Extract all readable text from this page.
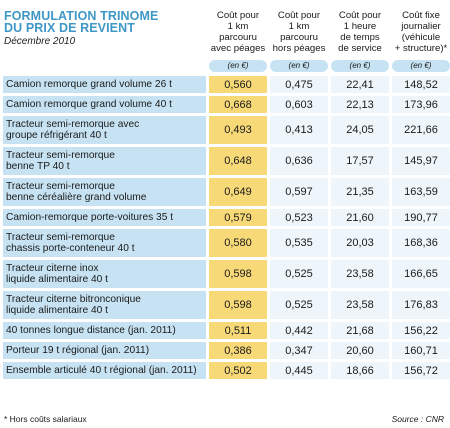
FORMULATION TRINOME
DU PRIX DE REVIENT
Décembre 2010
Coût pour
1 km
parcouru
avec péages
(en €)
Coût pour
1 km
parcouru
hors péages
(en €)
Coût pour
1 heure
de temps
de service
(en €)
Coût fixe
journalier
(véhicule
+ structure)*
(en €)
Camion remorque grand volume 26 t	0,560	0,475	22,41	148,52
Camion remorque grand volume 40 t	0,668	0,603	22,13	173,96
Tracteur semi-remorque avec
groupe réfrigérant 40 t	0,493	0,413	24,05	221,66
Tracteur semi-remorque
benne TP 40 t	0,648	0,636	17,57	145,97
Tracteur semi-remorque
benne céréalière grand volume	0,649	0,597	21,35	163,59
Camion-remorque porte-voitures 35 t	0,579	0,523	21,60	190,77
Tracteur semi-remorque
chassis porte-conteneur 40 t	0,580	0,535	20,03	168,36
Tracteur citerne inox
liquide alimentaire 40 t	0,598	0,525	23,58	166,65
Tracteur citerne bitronconique
liquide alimentaire 40 t	0,598	0,525	23,58	176,83
40 tonnes longue distance (jan. 2011)	0,511	0,442	21,68	156,22
Porteur 19 t régional (jan. 2011)	0,386	0,347	20,60	160,71
Ensemble articulé 40 t régional (jan. 2011)	0,502	0,445	18,66	156,72
* Hors coûts salariaux	Source : CNR
